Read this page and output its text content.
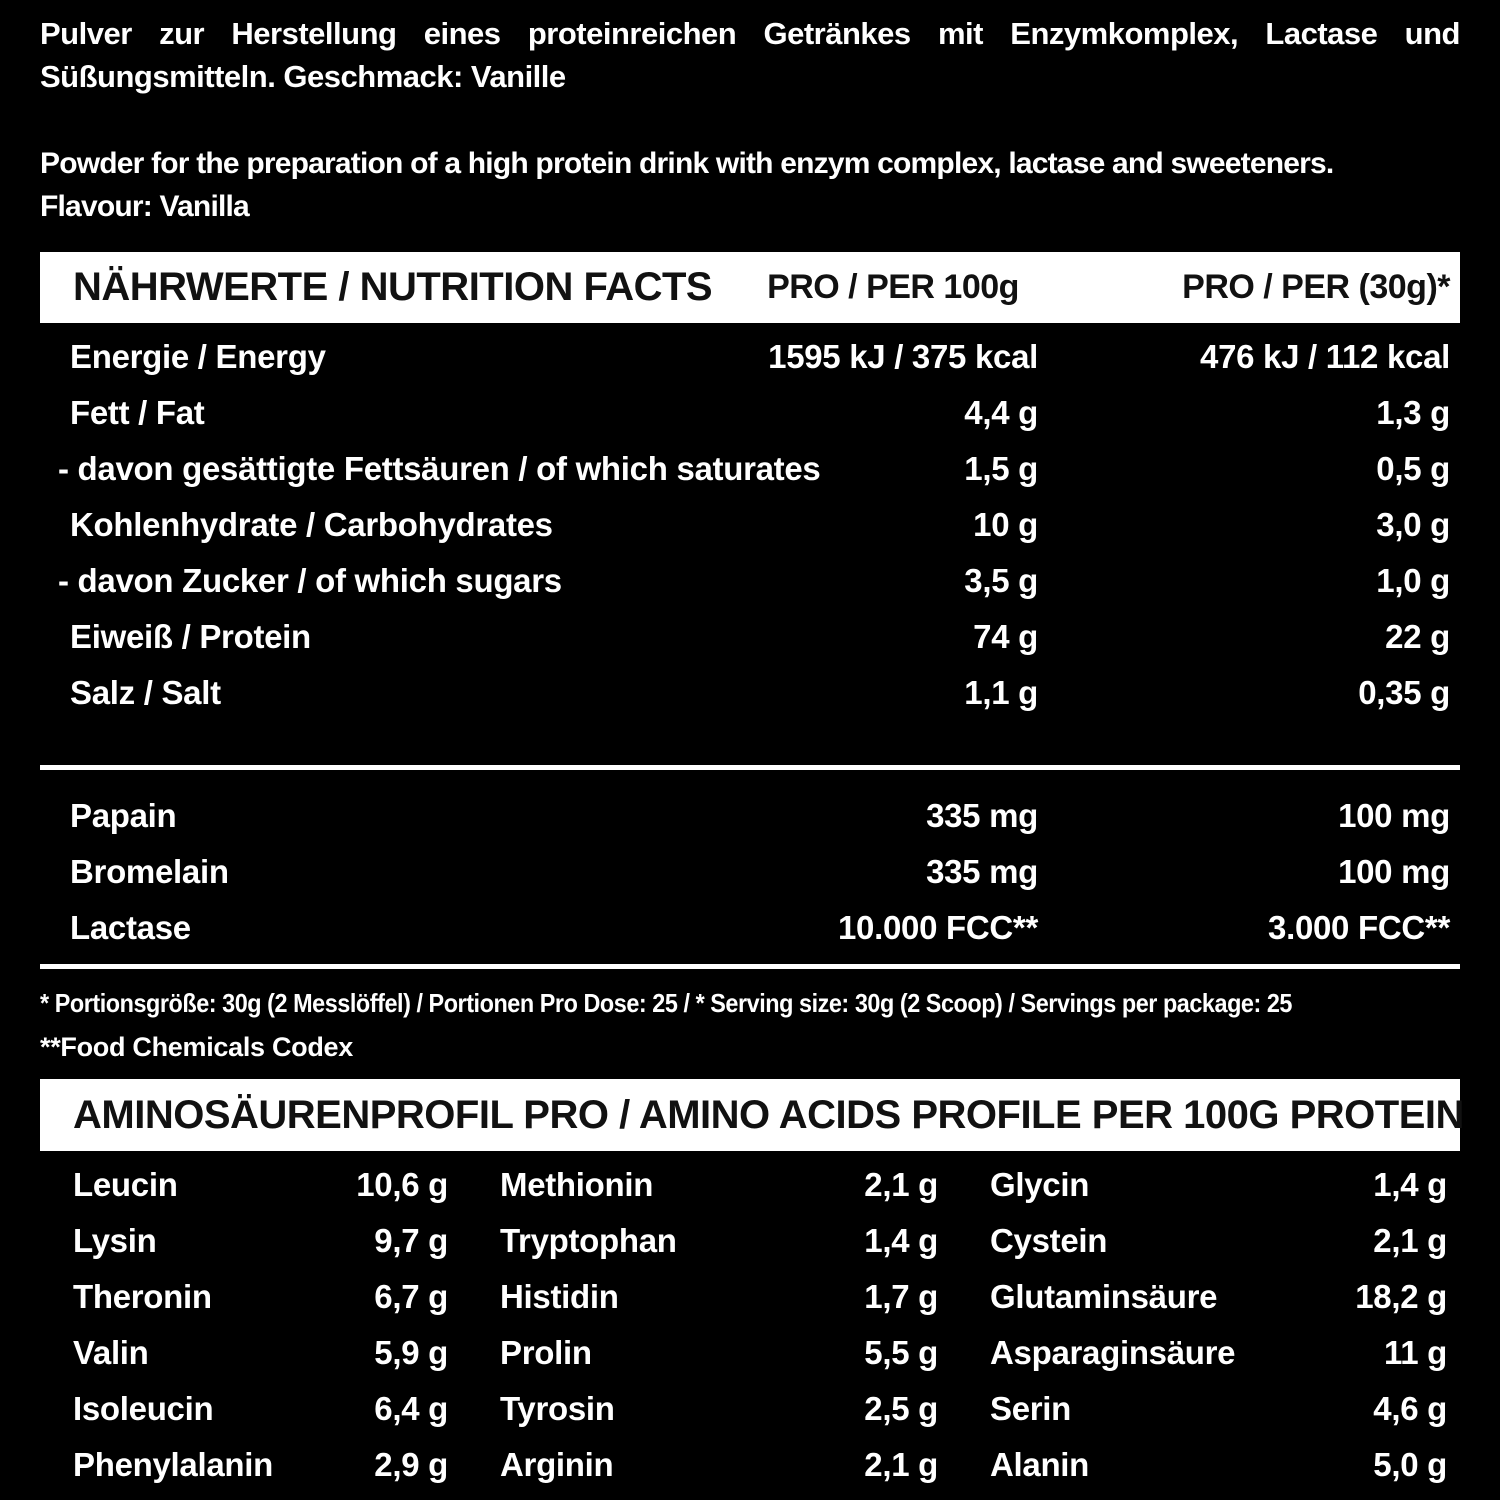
Pulver zur Herstellung eines proteinreichen Getränkes mit Enzymkomplex, Lactase und
Süßungsmitteln. Geschmack: Vanille
Powder for the preparation of a high protein drink with enzym complex, lactase and sweeteners.
Flavour: Vanilla
NÄHRWERTE / NUTRITION FACTS	PRO / PER 100g	PRO / PER (30g)*
Energie / Energy	1595 kJ / 375 kcal	476 kJ / 112 kcal
Fett / Fat	4,4 g	1,3 g
- davon gesättigte Fettsäuren / of which saturates	1,5 g	0,5 g
Kohlenhydrate / Carbohydrates	10 g	3,0 g
- davon Zucker / of which sugars	3,5 g	1,0 g
Eiweiß / Protein	74 g	22 g
Salz / Salt	1,1 g	0,35 g
Papain	335 mg	100 mg
Bromelain	335 mg	100 mg
Lactase	10.000 FCC**	3.000 FCC**
* Portionsgröße: 30g (2 Messlöffel) / Portionen Pro Dose: 25 / * Serving size: 30g (2 Scoop) / Servings per package: 25
**Food Chemicals Codex
AMINOSÄURENPROFIL PRO / AMINO ACIDS PROFILE PER 100G PROTEIN
Leucin	10,6 g Methionin	2,1 g Glycin	1,4 g
Lysin	9,7 g Tryptophan	1,4 g Cystein	2,1 g
Theronin	6,7 g Histidin	1,7 g Glutaminsäure	18,2 g
Valin	5,9 g Prolin	5,5 g Asparaginsäure	11 g
Isoleucin	6,4 g Tyrosin	2,5 g Serin	4,6 g
Phenylalanin	2,9 g Arginin	2,1 g Alanin	5,0 g
